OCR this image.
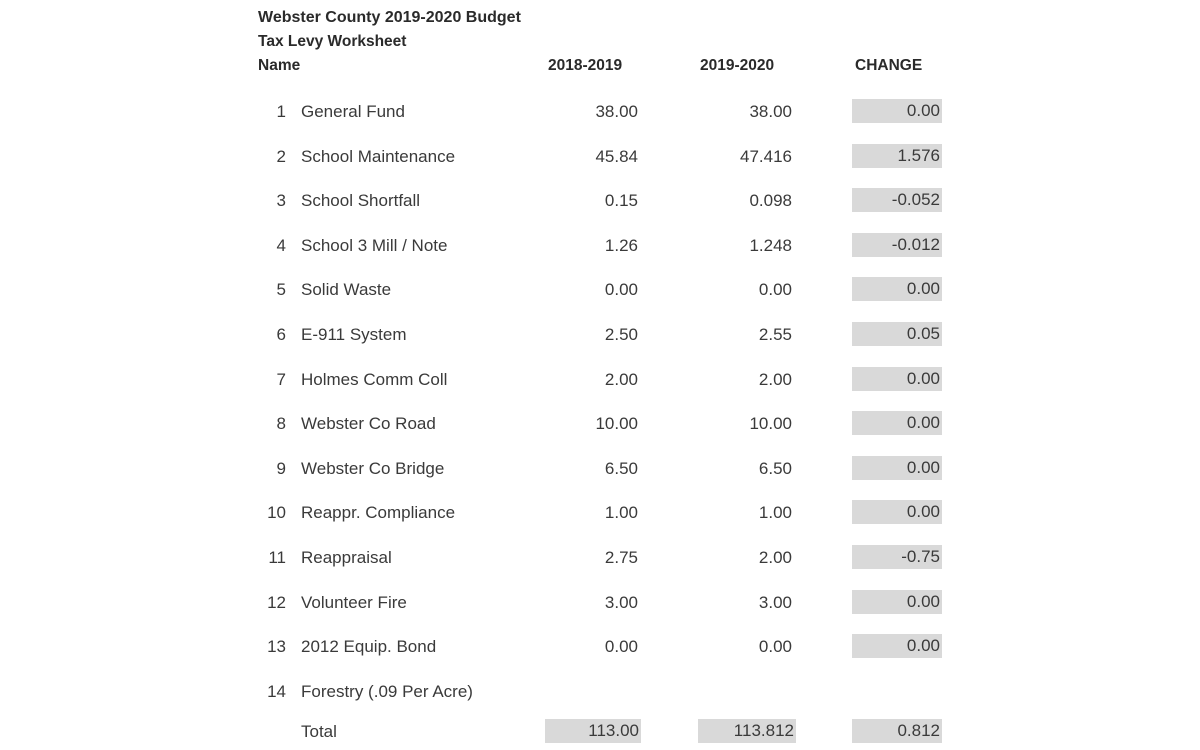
Webster County 2019-2020 Budget
Tax Levy Worksheet
Name	2018-2019	2019-2020	CHANGE
1 General Fund	38.00	38.00	0.00
2 School Maintenance	45.84	47.416	1.576
3 School Shortfall	0.15	0.098	-0.052
4 School 3 Mill / Note	1.26	1.248	-0.012
5 Solid Waste	0.00	0.00	0.00
6 E-911 System	2.50	2.55	0.05
7 Holmes Comm Coll	2.00	2.00	0.00
8 Webster Co Road	10.00	10.00	0.00
9 Webster Co Bridge	6.50	6.50	0.00
10 Reappr. Compliance	1.00	1.00	0.00
11 Reappraisal	2.75	2.00	-0.75
12 Volunteer Fire	3.00	3.00	0.00
13 2012 Equip. Bond	0.00	0.00	0.00
14 Forestry (.09 Per Acre)
Total	113.00	113.812	0.812
